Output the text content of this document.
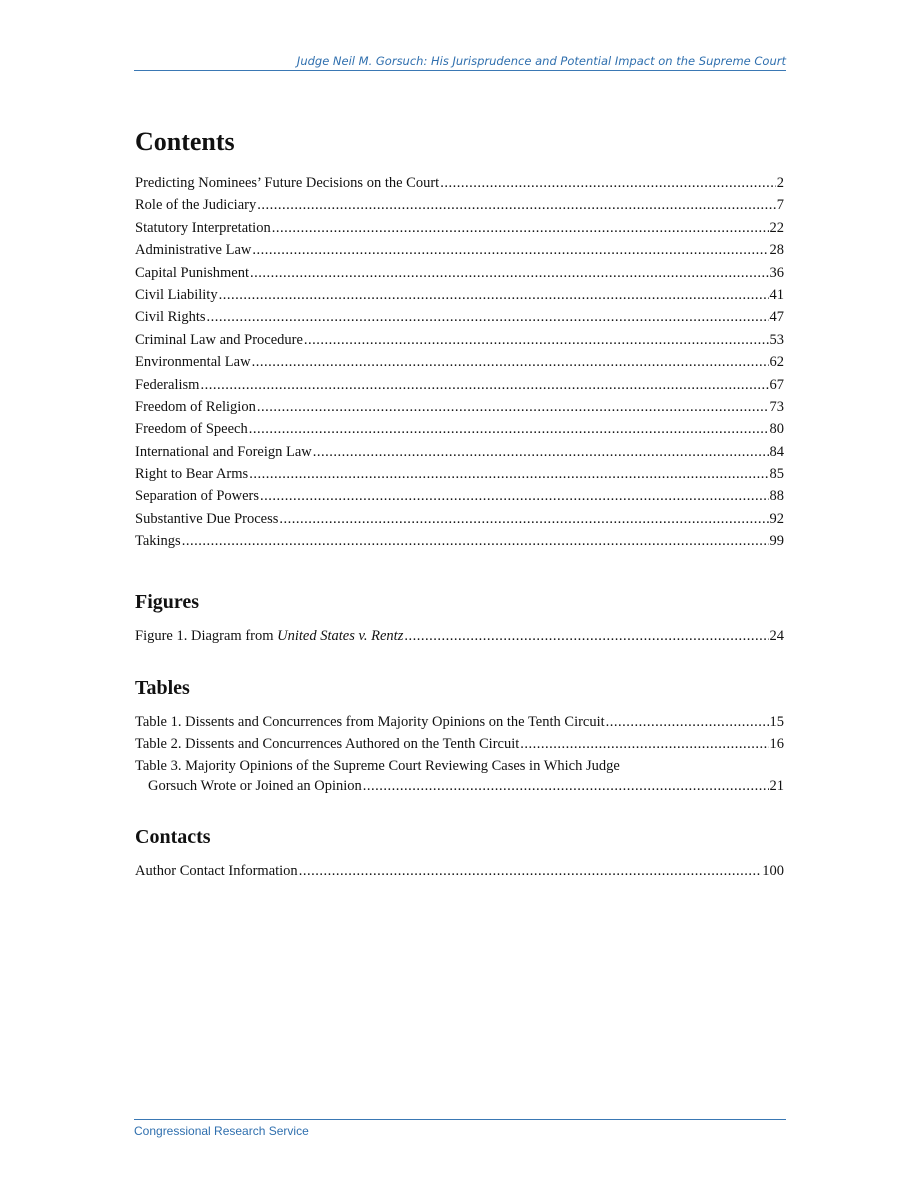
Judge Neil M. Gorsuch: His Jurisprudence and Potential Impact on the Supreme Court
Contents
Predicting Nominees’ Future Decisions on the Court .....	2
Role of the Judiciary .....	7
Statutory Interpretation .....	22
Administrative Law .....	28
Capital Punishment .....	36
Civil Liability .....	41
Civil Rights .....	47
Criminal Law and Procedure .....	53
Environmental Law .....	62
Federalism .....	67
Freedom of Religion .....	73
Freedom of Speech .....	80
International and Foreign Law .....	84
Right to Bear Arms .....	85
Separation of Powers .....	88
Substantive Due Process .....	92
Takings .....	99
Figures
Figure 1. Diagram from United States v. Rentz .....	24
Tables
Table 1. Dissents and Concurrences from Majority Opinions on the Tenth Circuit .....	15
Table 2. Dissents and Concurrences Authored on the Tenth Circuit .....	16
Table 3. Majority Opinions of the Supreme Court Reviewing Cases in Which Judge
Gorsuch Wrote or Joined an Opinion .....	21
Contacts
Author Contact Information .....	100
Congressional Research Service
